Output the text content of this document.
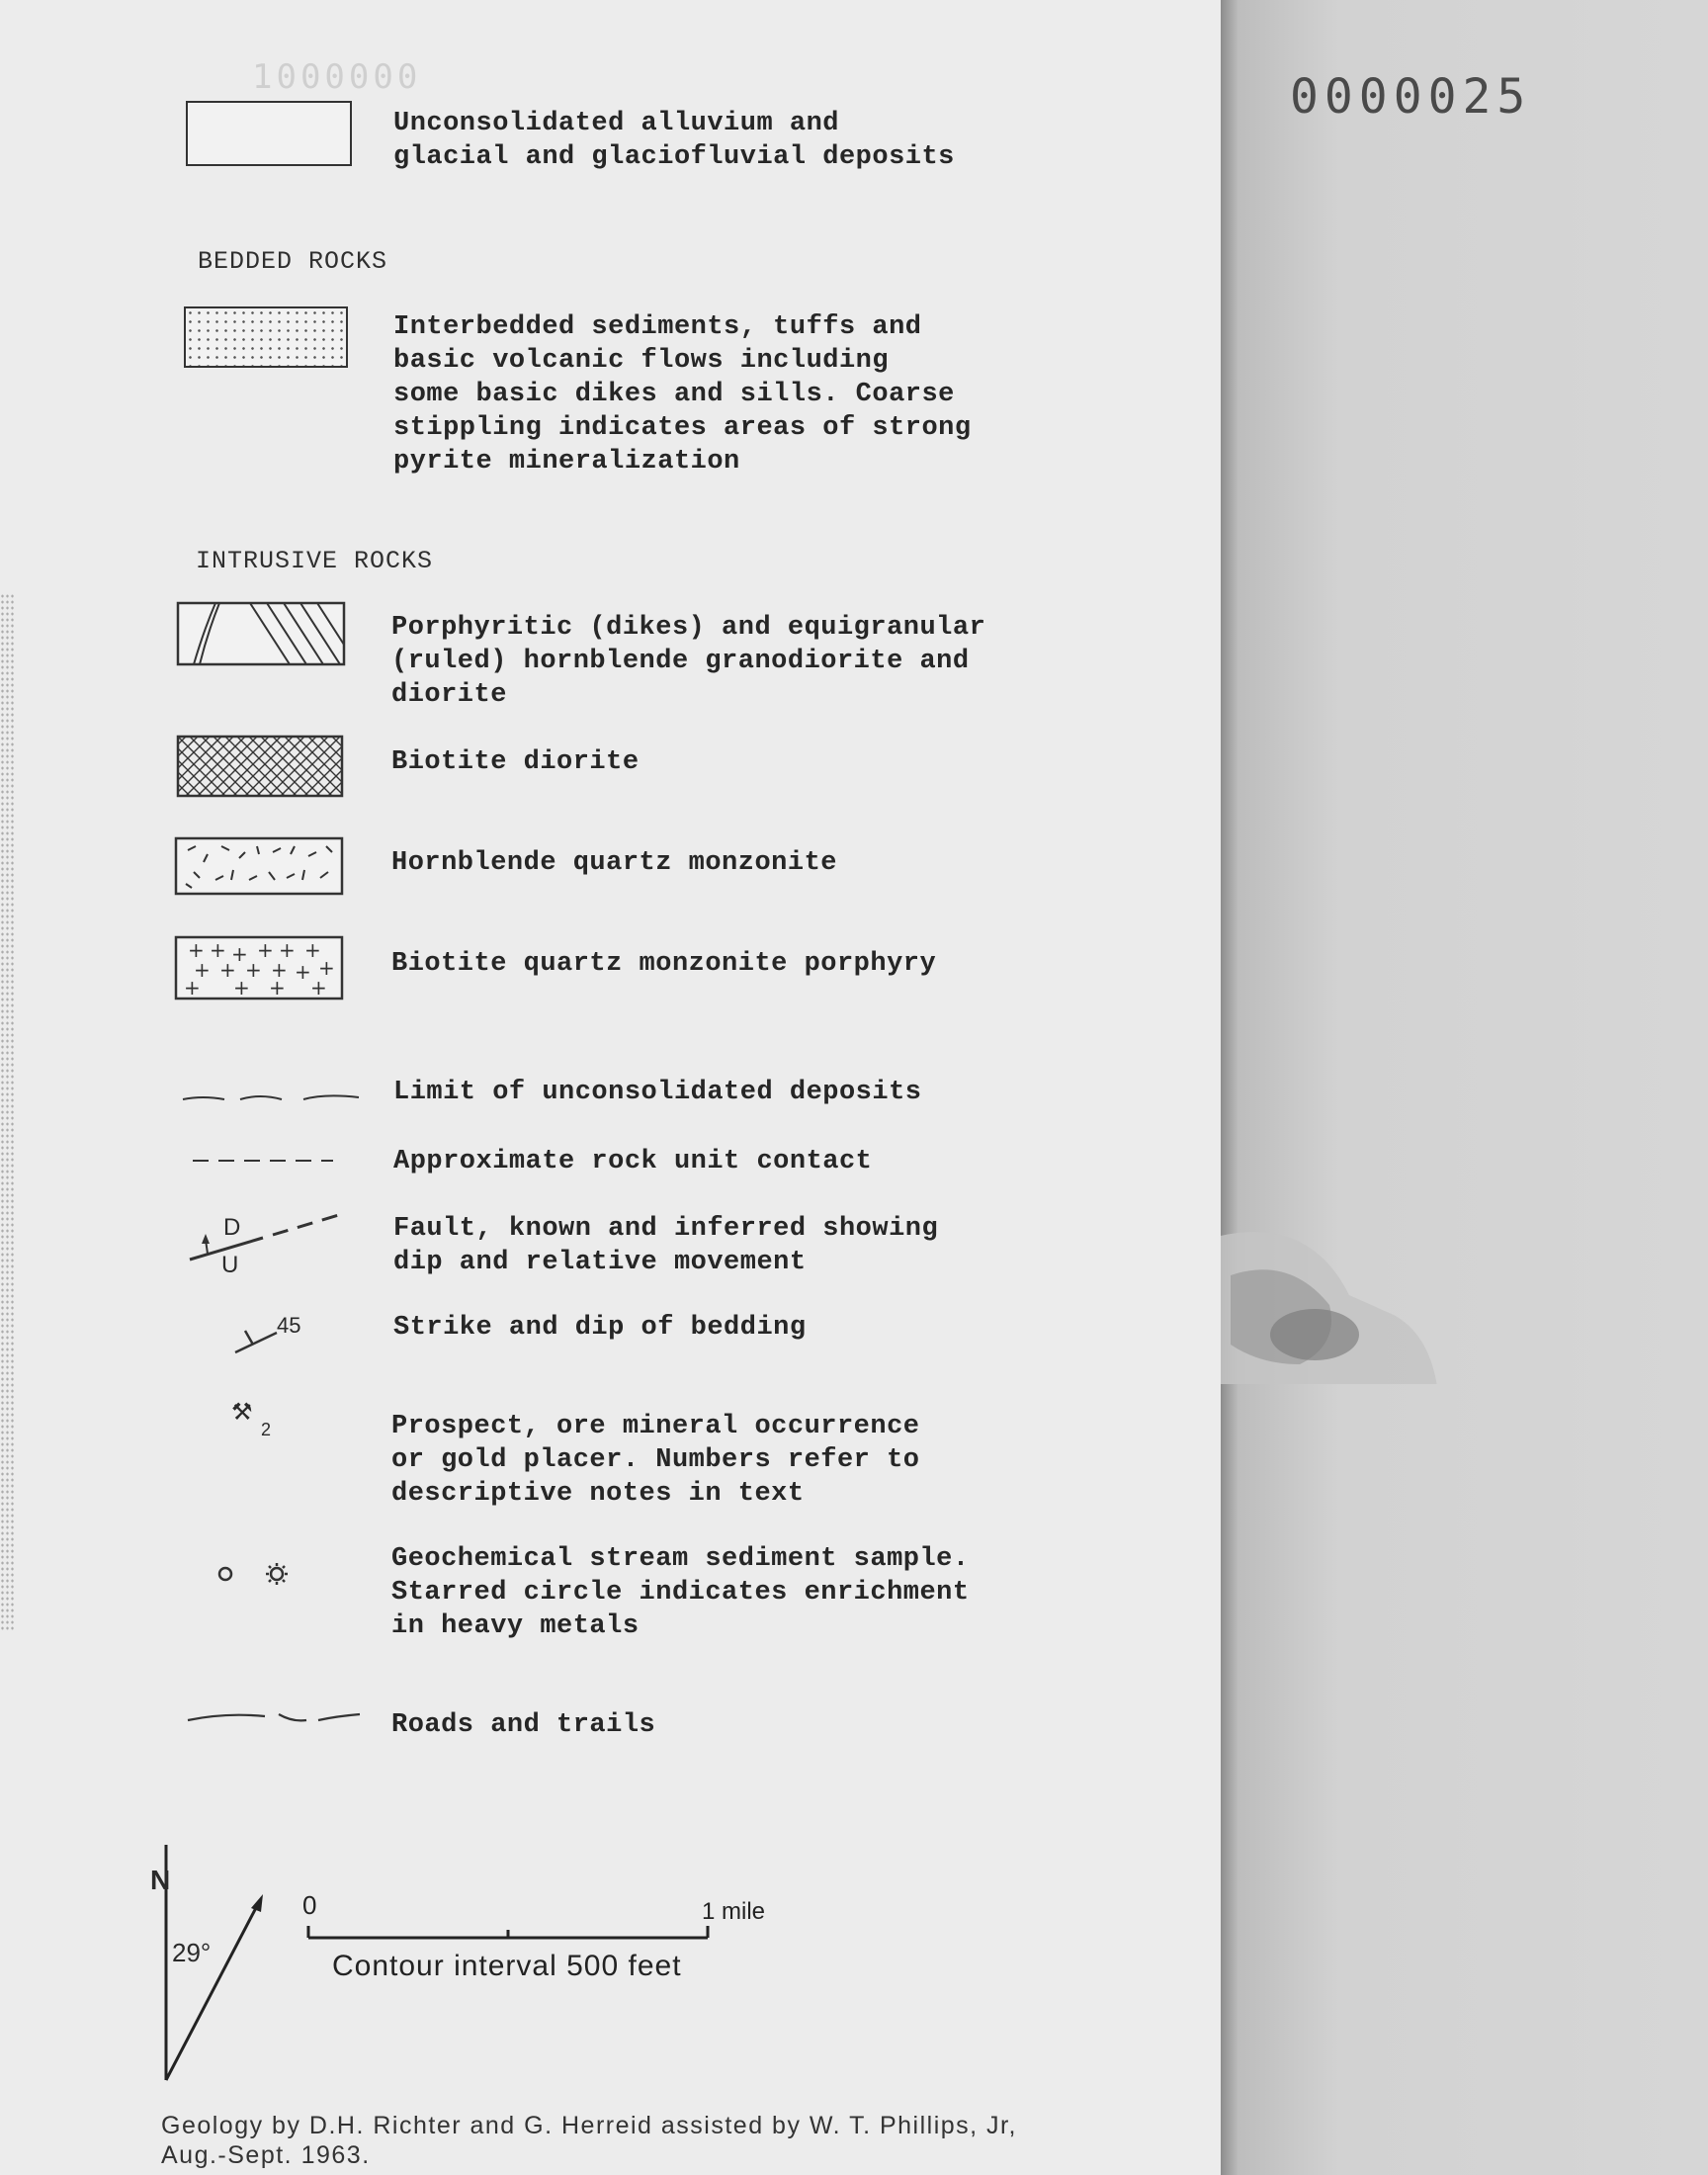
1000000
Unconsolidated alluvium and
glacial and glaciofluvial deposits
BEDDED ROCKS
Interbedded sediments, tuffs and
basic volcanic flows including
some basic dikes and sills. Coarse
stippling indicates areas of strong
pyrite mineralization
INTRUSIVE ROCKS
Porphyritic (dikes) and equigranular
(ruled) hornblende granodiorite and
diorite
Biotite diorite
Hornblende quartz monzonite
+ + + + + +
+ + + + + +
+ + + +
Biotite quartz monzonite porphyry
Limit of unconsolidated deposits
Approximate rock unit contact
D
U
Fault, known and inferred showing
dip and relative movement
45	Strike and dip of bedding
⚒
2	Prospect, ore mineral occurrence
or gold placer. Numbers refer to
descriptive notes in text
Geochemical stream sediment sample.
Starred circle indicates enrichment
in heavy metals
Roads and trails
N
29°
0	1 mile
Contour interval 500 feet
Geology by D.H. Richter and G. Herreid assisted by W. T. Phillips, Jr,
Aug.-Sept. 1963.
0000025
